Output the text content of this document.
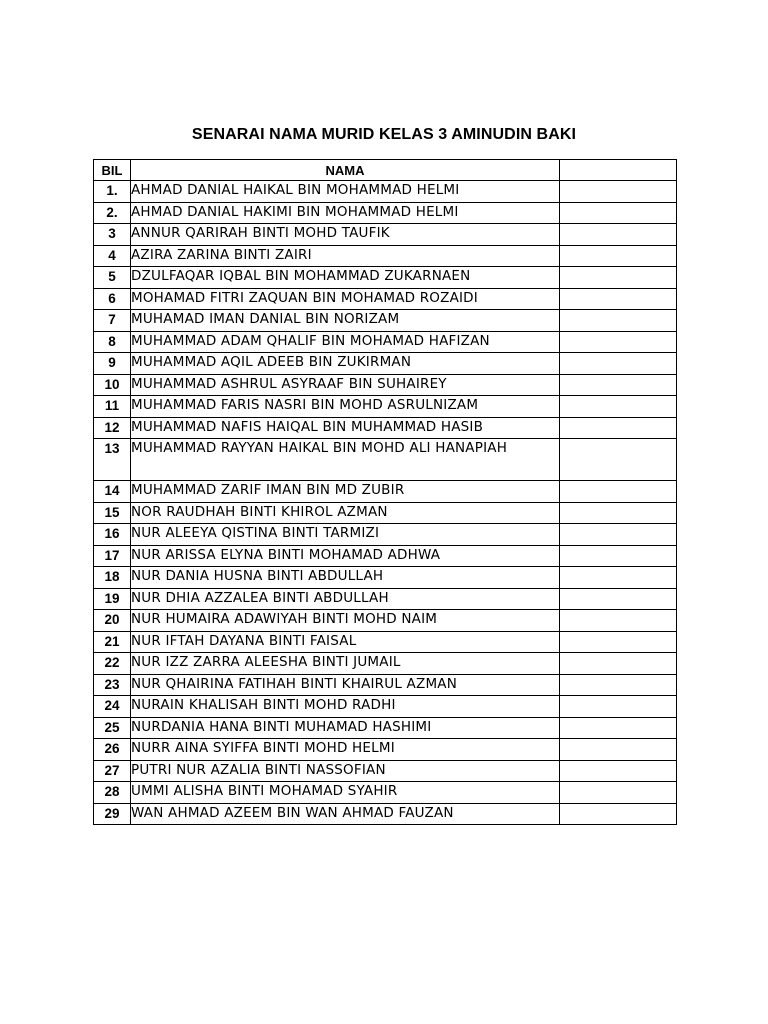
SENARAI NAMA MURID KELAS 3 AMINUDIN BAKI
BIL	NAMA	
1.	AHMAD DANIAL HAIKAL BIN MOHAMMAD HELMI	
2.	AHMAD DANIAL HAKIMI BIN MOHAMMAD HELMI	
3	ANNUR QARIRAH BINTI MOHD TAUFIK	
4	AZIRA ZARINA BINTI ZAIRI	
5	DZULFAQAR IQBAL BIN MOHAMMAD ZUKARNAEN	
6	MOHAMAD FITRI ZAQUAN BIN MOHAMAD ROZAIDI	
7	MUHAMAD IMAN DANIAL BIN NORIZAM	
8	MUHAMMAD ADAM QHALIF BIN MOHAMAD HAFIZAN	
9	MUHAMMAD AQIL ADEEB BIN ZUKIRMAN	
10	MUHAMMAD ASHRUL ASYRAAF BIN SUHAIREY	
11	MUHAMMAD FARIS NASRI BIN MOHD ASRULNIZAM	
12	MUHAMMAD NAFIS HAIQAL BIN MUHAMMAD HASIB	
13	MUHAMMAD RAYYAN HAIKAL BIN MOHD ALI HANAPIAH	
14	MUHAMMAD ZARIF IMAN BIN MD ZUBIR	
15	NOR RAUDHAH BINTI KHIROL AZMAN	
16	NUR ALEEYA QISTINA BINTI TARMIZI	
17	NUR ARISSA ELYNA BINTI MOHAMAD ADHWA	
18	NUR DANIA HUSNA BINTI ABDULLAH	
19	NUR DHIA AZZALEA BINTI ABDULLAH	
20	NUR HUMAIRA ADAWIYAH BINTI MOHD NAIM	
21	NUR IFTAH DAYANA BINTI FAISAL	
22	NUR IZZ ZARRA ALEESHA BINTI JUMAIL	
23	NUR QHAIRINA FATIHAH BINTI KHAIRUL AZMAN	
24	NURAIN KHALISAH BINTI MOHD RADHI	
25	NURDANIA HANA BINTI MUHAMAD HASHIMI	
26	NURR AINA SYIFFA BINTI MOHD HELMI	
27	PUTRI NUR AZALIA BINTI NASSOFIAN	
28	UMMI ALISHA BINTI MOHAMAD SYAHIR	
29	WAN AHMAD AZEEM BIN WAN AHMAD FAUZAN	
